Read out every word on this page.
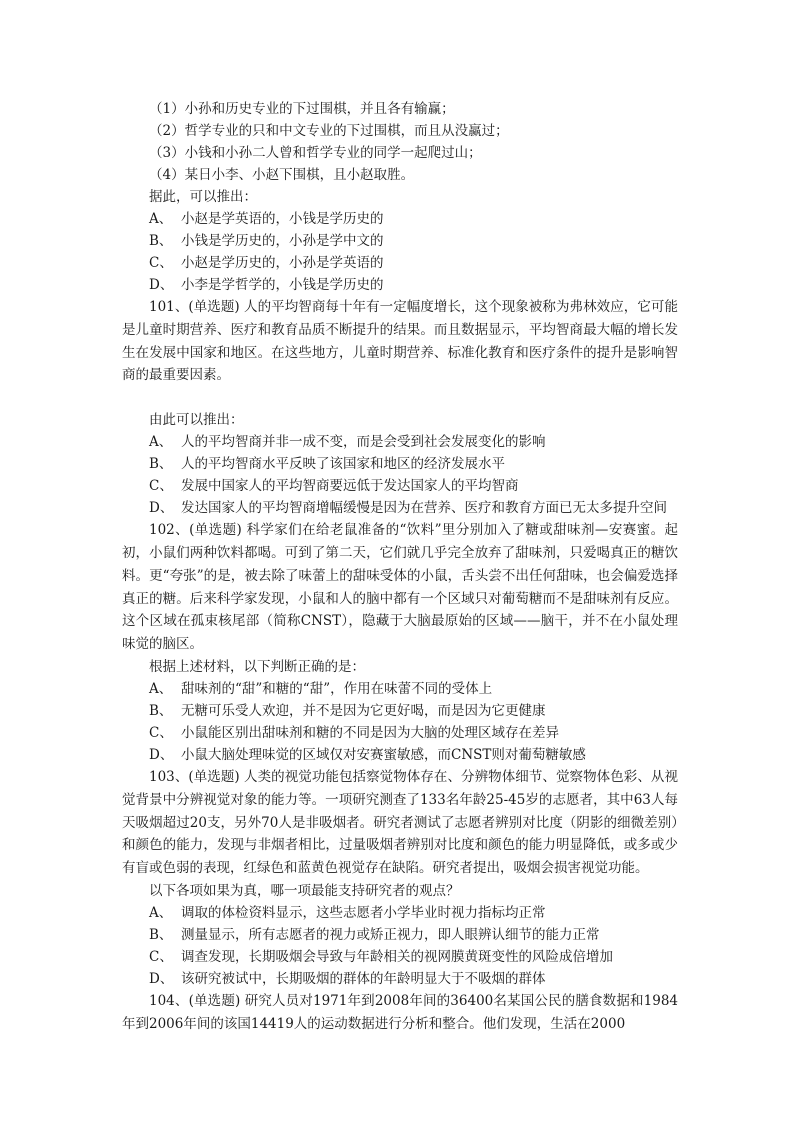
（1）小孙和历史专业的下过围棋，并且各有输赢；
（2）哲学专业的只和中文专业的下过围棋，而且从没赢过；
（3）小钱和小孙二人曾和哲学专业的同学一起爬过山；
（4）某日小李、小赵下围棋，且小赵取胜。
据此，可以推出：
A、 小赵是学英语的，小钱是学历史的
B、 小钱是学历史的，小孙是学中文的
C、 小赵是学历史的，小孙是学英语的
D、 小李是学哲学的，小钱是学历史的

101、(单选题) 人的平均智商每十年有一定幅度增长，这个现象被称为弗林效应，它可能是儿童时期营养、医疗和教育品质不断提升的结果。而且数据显示，平均智商最大幅的增长发生在发展中国家和地区。在这些地方，儿童时期营养、标准化教育和医疗条件的提升是影响智商的最重要因素。

由此可以推出：
A、 人的平均智商并非一成不变，而是会受到社会发展变化的影响
B、 人的平均智商水平反映了该国家和地区的经济发展水平
C、 发展中国家人的平均智商要远低于发达国家人的平均智商
D、 发达国家人的平均智商增幅缓慢是因为在营养、医疗和教育方面已无太多提升空间

102、(单选题) 科学家们在给老鼠准备的“饮料”里分别加入了糖或甜味剂—安赛蜜。起初，小鼠们两种饮料都喝。可到了第二天，它们就几乎完全放弃了甜味剂，只爱喝真正的糖饮料。更“夸张”的是，被去除了味蕾上的甜味受体的小鼠，舌头尝不出任何甜味，也会偏爱选择真正的糖。后来科学家发现，小鼠和人的脑中都有一个区域只对葡萄糖而不是甜味剂有反应。这个区域在孤束核尾部（简称CNST），隐藏于大脑最原始的区域——脑干，并不在小鼠处理味觉的脑区。

根据上述材料，以下判断正确的是：
A、 甜味剂的“甜”和糖的“甜”，作用在味蕾不同的受体上
B、 无糖可乐受人欢迎，并不是因为它更好喝，而是因为它更健康
C、 小鼠能区别出甜味剂和糖的不同是因为大脑的处理区域存在差异
D、 小鼠大脑处理味觉的区域仅对安赛蜜敏感，而CNST则对葡萄糖敏感

103、(单选题) 人类的视觉功能包括察觉物体存在、分辨物体细节、觉察物体色彩、从视觉背景中分辨视觉对象的能力等。一项研究测查了133名年龄25-45岁的志愿者，其中63人每天吸烟超过20支，另外70人是非吸烟者。研究者测试了志愿者辨别对比度（阴影的细微差别）和颜色的能力，发现与非烟者相比，过量吸烟者辨别对比度和颜色的能力明显降低，或多或少有盲或色弱的表现，红绿色和蓝黄色视觉存在缺陷。研究者提出，吸烟会损害视觉功能。

以下各项如果为真，哪一项最能支持研究者的观点？
A、 调取的体检资料显示，这些志愿者小学毕业时视力指标均正常
B、 测量显示，所有志愿者的视力或矫正视力，即人眼辨认细节的能力正常
C、 调查发现，长期吸烟会导致与年龄相关的视网膜黄斑变性的风险成倍增加
D、 该研究被试中，长期吸烟的群体的年龄明显大于不吸烟的群体

104、(单选题) 研究人员对1971年到2008年间的36400名某国公民的膳食数据和1984年到2006年间的该国14419人的运动数据进行分析和整合。他们发现，生活在2000
